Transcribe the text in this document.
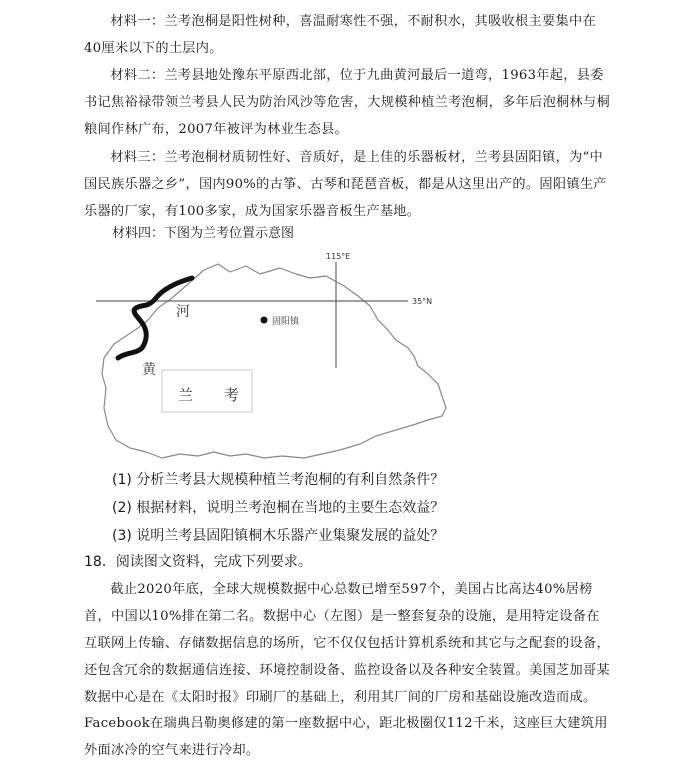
材料一：兰考泡桐是阳性树种，喜温耐寒性不强，不耐积水，其吸收根主要集中在40厘米以下的土层内。

材料二：兰考县地处豫东平原西北部，位于九曲黄河最后一道弯，1963年起，县委书记焦裕禄带领兰考县人民为防治风沙等危害，大规模种植兰考泡桐，多年后泡桐林与桐粮间作林广布，2007年被评为林业生态县。

材料三：兰考泡桐材质韧性好、音质好，是上佳的乐器板材，兰考县固阳镇，为“中国民族乐器之乡”，国内90%的古筝、古琴和琵琶音板，都是从这里出产的。固阳镇生产乐器的厂家，有100多家，成为国家乐器音板生产基地。

材料四：下图为兰考位置示意图
35°N
115°E
河
黄
固阳镇
兰 考
(1) 分析兰考县大规模种植兰考泡桐的有利自然条件？
(2) 根据材料，说明兰考泡桐在当地的主要生态效益？
(3) 说明兰考县固阳镇桐木乐器产业集聚发展的益处？
18．阅读图文资料，完成下列要求。

截止2020年底，全球大规模数据中心总数已增至597个，美国占比高达40%居榜首，中国以10%排在第二名。数据中心（左图）是一整套复杂的设施，是用特定设备在互联网上传输、存储数据信息的场所，它不仅仅包括计算机系统和其它与之配套的设备，还包含冗余的数据通信连接、环境控制设备、监控设备以及各种安全装置。美国芝加哥某数据中心是在《太阳时报》印刷厂的基础上，利用其厂间的厂房和基础设施改造而成。

Facebook在瑞典吕勒奥修建的第一座数据中心，距北极圈仅112千米，这座巨大建筑用外面冰冷的空气来进行冷却。
